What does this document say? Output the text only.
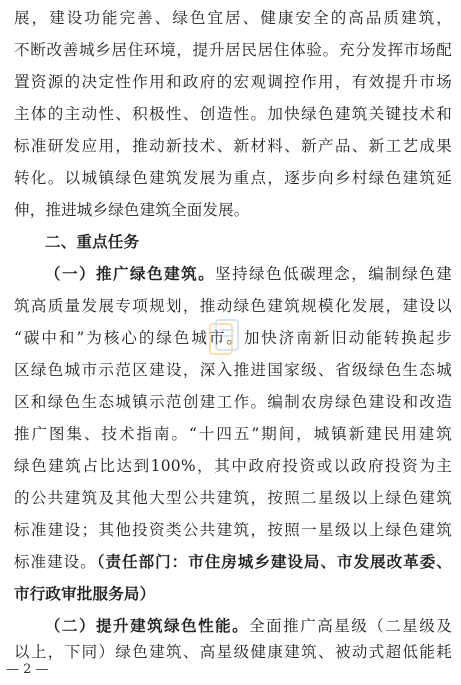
展，建设功能完善、绿色宜居、健康安全的高品质建筑，
不断改善城乡居住环境，提升居民居住体验。充分发挥市场配
置资源的决定性作用和政府的宏观调控作用，有效提升市场
主体的主动性、积极性、创造性。加快绿色建筑关键技术和
标准研发应用，推动新技术、新材料、新产品、新工艺成果
转化。以城镇绿色建筑发展为重点，逐步向乡村绿色建筑延
伸，推进城乡绿色建筑全面发展。
二、重点任务
（一）推广绿色建筑。坚持绿色低碳理念，编制绿色建
筑高质量发展专项规划，推动绿色建筑规模化发展，建设以
“碳中和”为核心的绿色城市。加快济南新旧动能转换起步
区绿色城市示范区建设，深入推进国家级、省级绿色生态城
区和绿色生态城镇示范创建工作。编制农房绿色建设和改造
推广图集、技术指南。“十四五”期间，城镇新建民用建筑
绿色建筑占比达到100%，其中政府投资或以政府投资为主
的公共建筑及其他大型公共建筑，按照二星级以上绿色建筑
标准建设；其他投资类公共建筑，按照一星级以上绿色建筑
标准建设。（责任部门：市住房城乡建设局、市发展改革委、
市行政审批服务局）
（二）提升建筑绿色性能。全面推广高星级（二星级及
以上，下同）绿色建筑、高星级健康建筑、被动式超低能耗
— 2 —
